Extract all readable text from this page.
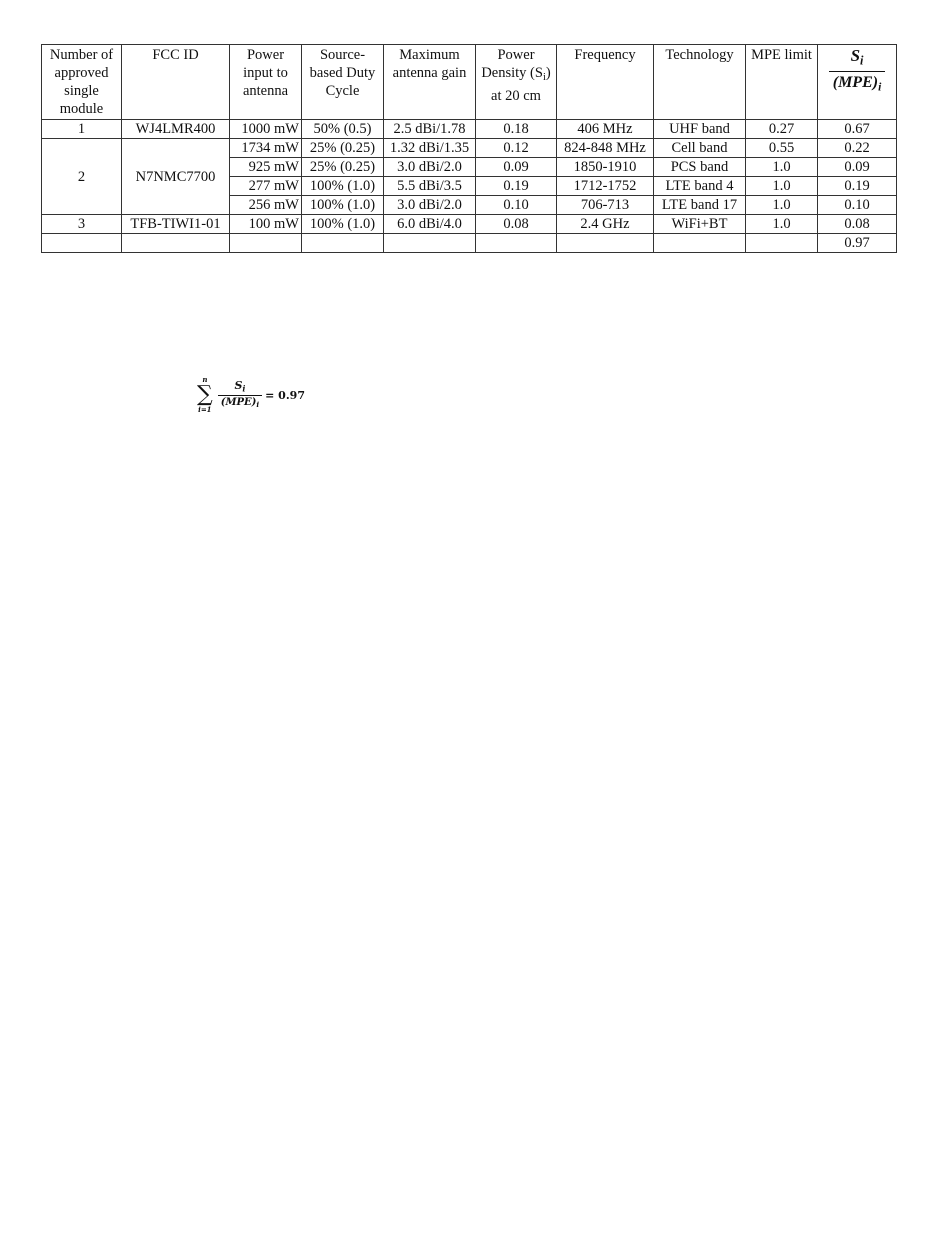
Number of approved single module	FCC ID	Power input to antenna	Source-based Duty Cycle	Maximum antenna gain	Power Density $(S_i)$ at 20 cm	Frequency	Technology	MPE limit	$\frac{S_i}{(MPE)_i}$

1	WJ4LMR400	1000 mW	50% (0.5)	2.5 dBi/1.78	0.18	406 MHz	UHF band	0.27	0.67
2	N7NMC7700	1734 mW	25% (0.25)	1.32 dBi/1.35	0.12	824-848 MHz	Cell band	0.55	0.22
		925 mW	25% (0.25)	3.0 dBi/2.0	0.09	1850-1910	PCS band	1.0	0.09
		277 mW	100% (1.0)	5.5 dBi/3.5	0.19	1712-1752	LTE band 4	1.0	0.19
		256 mW	100% (1.0)	3.0 dBi/2.0	0.10	706-713	LTE band 17	1.0	0.10
3	TFB-TIWI1-01	100 mW	100% (1.0)	6.0 dBi/4.0	0.08	2.4 GHz	WiFi+BT	1.0	0.08
									0.97
n
∑
i=1
$S_i$
$(MPE)_i$
= 0.97
